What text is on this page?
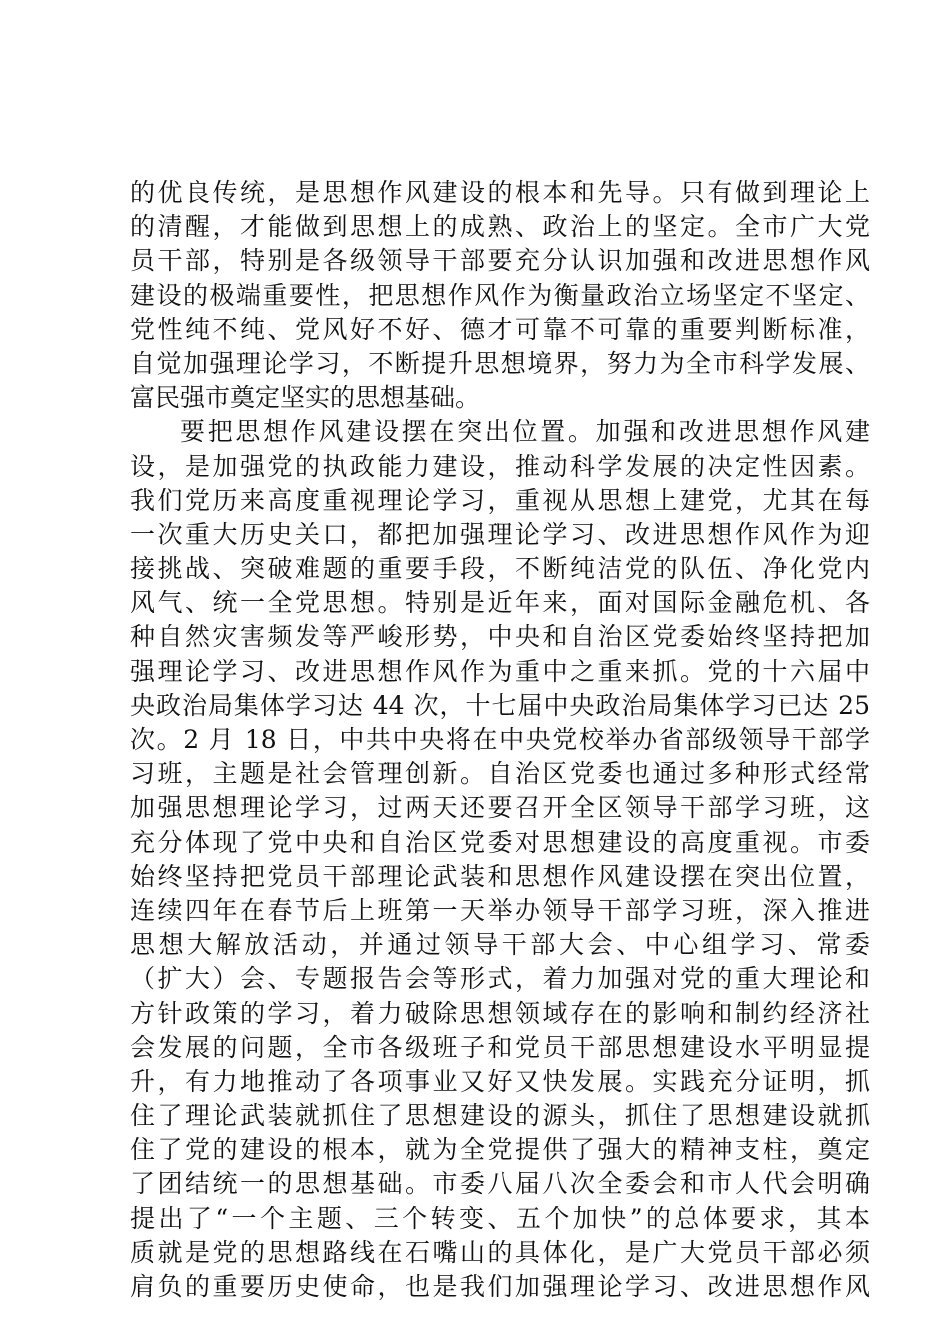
的优良传统，是思想作风建设的根本和先导。只有做到理论上
的清醒，才能做到思想上的成熟、政治上的坚定。全市广大党
员干部，特别是各级领导干部要充分认识加强和改进思想作风
建设的极端重要性，把思想作风作为衡量政治立场坚定不坚定、
党性纯不纯、党风好不好、德才可靠不可靠的重要判断标准，
自觉加强理论学习，不断提升思想境界，努力为全市科学发展、
富民强市奠定坚实的思想基础。
要把思想作风建设摆在突出位置。加强和改进思想作风建
设，是加强党的执政能力建设，推动科学发展的决定性因素。
我们党历来高度重视理论学习，重视从思想上建党，尤其在每
一次重大历史关口，都把加强理论学习、改进思想作风作为迎
接挑战、突破难题的重要手段，不断纯洁党的队伍、净化党内
风气、统一全党思想。特别是近年来，面对国际金融危机、各
种自然灾害频发等严峻形势，中央和自治区党委始终坚持把加
强理论学习、改进思想作风作为重中之重来抓。党的十六届中
央政治局集体学习达 44 次，十七届中央政治局集体学习已达 25
次。2 月 18 日，中共中央将在中央党校举办省部级领导干部学
习班，主题是社会管理创新。自治区党委也通过多种形式经常
加强思想理论学习，过两天还要召开全区领导干部学习班，这
充分体现了党中央和自治区党委对思想建设的高度重视。市委
始终坚持把党员干部理论武装和思想作风建设摆在突出位置，
连续四年在春节后上班第一天举办领导干部学习班，深入推进
思想大解放活动，并通过领导干部大会、中心组学习、常委
（扩大）会、专题报告会等形式，着力加强对党的重大理论和
方针政策的学习，着力破除思想领域存在的影响和制约经济社
会发展的问题，全市各级班子和党员干部思想建设水平明显提
升，有力地推动了各项事业又好又快发展。实践充分证明，抓
住了理论武装就抓住了思想建设的源头，抓住了思想建设就抓
住了党的建设的根本，就为全党提供了强大的精神支柱，奠定
了团结统一的思想基础。市委八届八次全委会和市人代会明确
提出了“一个主题、三个转变、五个加快”的总体要求，其本
质就是党的思想路线在石嘴山的具体化，是广大党员干部必须
肩负的重要历史使命，也是我们加强理论学习、改进思想作风
